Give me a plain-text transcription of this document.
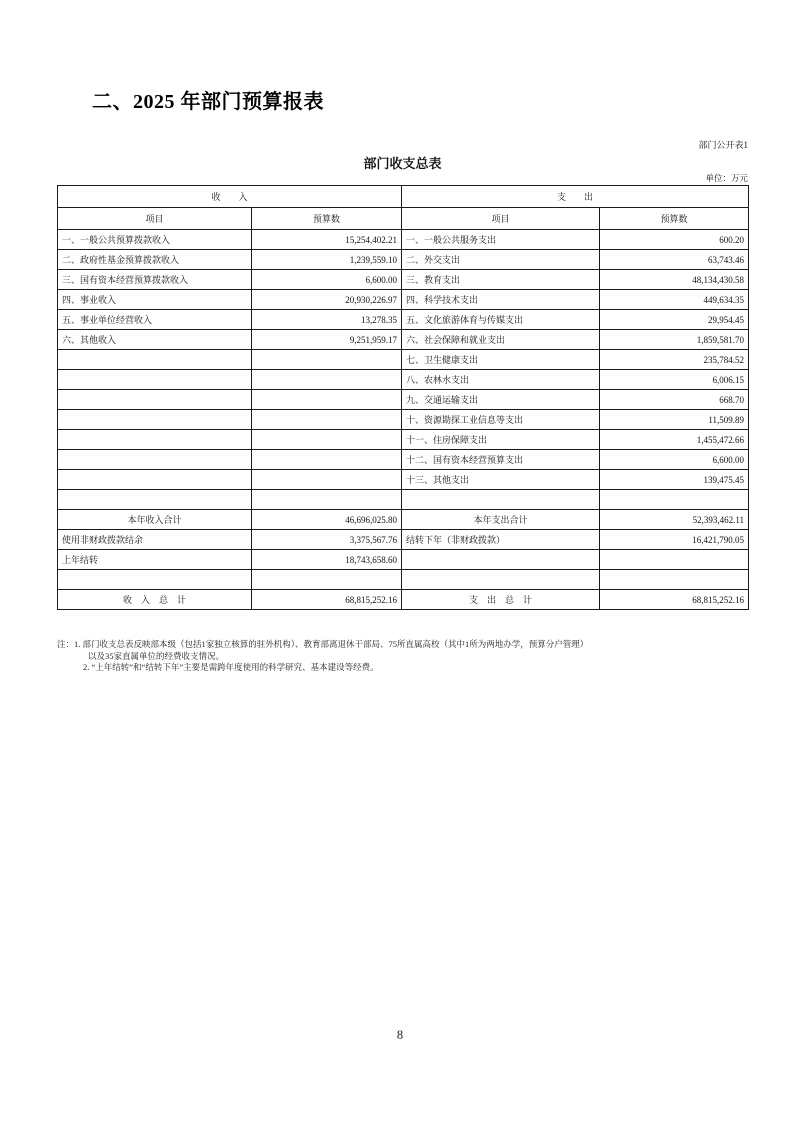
二、2025 年部门预算报表
部门公开表1
部门收支总表
单位：万元
收　　入		支　　出	
项目	预算数	项目	预算数
一、一般公共预算拨款收入	15,254,402.21	一、一般公共服务支出	600.20
二、政府性基金预算拨款收入	1,239,559.10	二、外交支出	63,743.46
三、国有资本经营预算拨款收入	6,600.00	三、教育支出	48,134,430.58
四、事业收入	20,930,226.97	四、科学技术支出	449,634.35
五、事业单位经营收入	13,278.35	五、文化旅游体育与传媒支出	29,954.45
六、其他收入	9,251,959.17	六、社会保障和就业支出	1,859,581.70
		七、卫生健康支出	235,784.52
		八、农林水支出	6,006.15
		九、交通运输支出	668.70
		十、资源勘探工业信息等支出	11,509.89
		十一、住房保障支出	1,455,472.66
		十二、国有资本经营预算支出	6,600.00
		十三、其他支出	139,475.45

本年收入合计	46,696,025.80	本年支出合计	52,393,462.11
使用非财政拨款结余	3,375,567.76	结转下年（非财政拨款）	16,421,790.05
上年结转	18,743,658.60		

收　入　总　计	68,815,252.16	支　出　总　计	68,815,252.16
注：1. 部门收支总表反映部本级（包括1家独立核算的驻外机构）、教育部离退休干部局、75所直属高校（其中1所为两地办学，预算分户管理）
以及35家直属单位的经费收支情况。
2. “上年结转”和“结转下年”主要是需跨年度使用的科学研究、基本建设等经费。
8
